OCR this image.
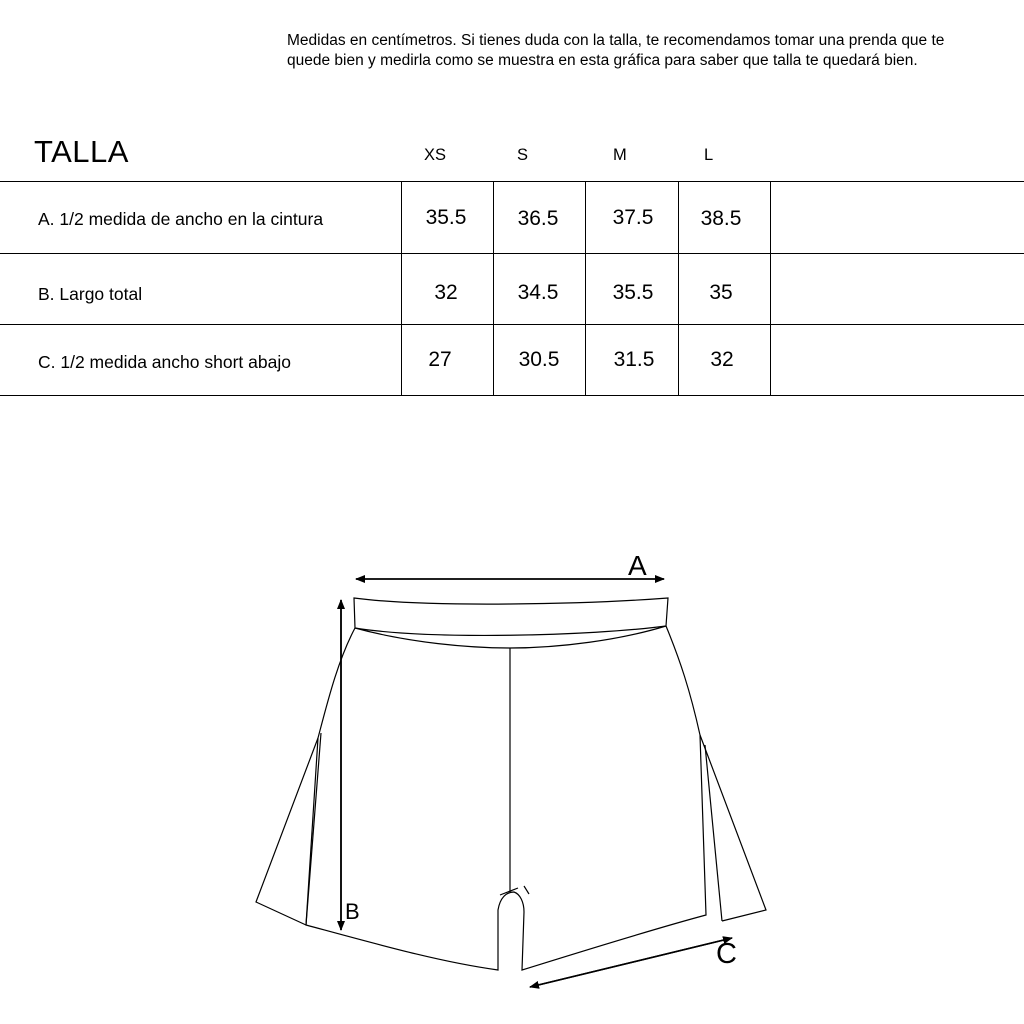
Medidas en centímetros. Si tienes duda con la talla, te recomendamos tomar una prenda que te

quede bien y medirla como se muestra en esta gráfica para saber que talla te quedará bien.

TALLA	XS	S	M	L
A. 1/2 medida de ancho en la cintura	35.5	36.5	37.5	38.5
B. Largo total	32	34.5	35.5	35
C. 1/2 medida ancho short abajo	27	30.5	31.5	32
A
B
C
